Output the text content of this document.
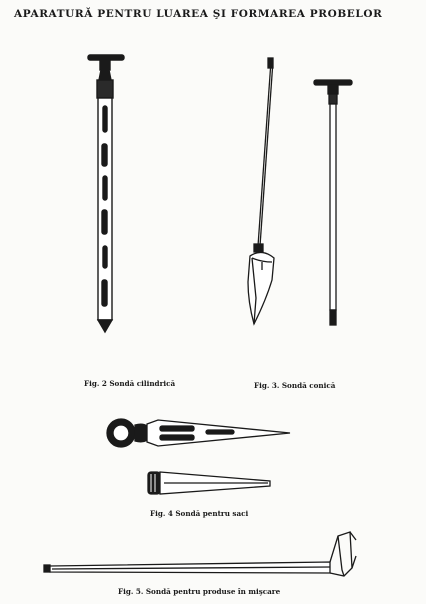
APARATURĂ PENTRU LUAREA ŞI FORMAREA PROBELOR
Fig. 2 Sondă cilindrică	Fig. 3. Sondă conică
Fig. 4 Sondă pentru saci
Fig. 5. Sondă pentru produse în mişcare
